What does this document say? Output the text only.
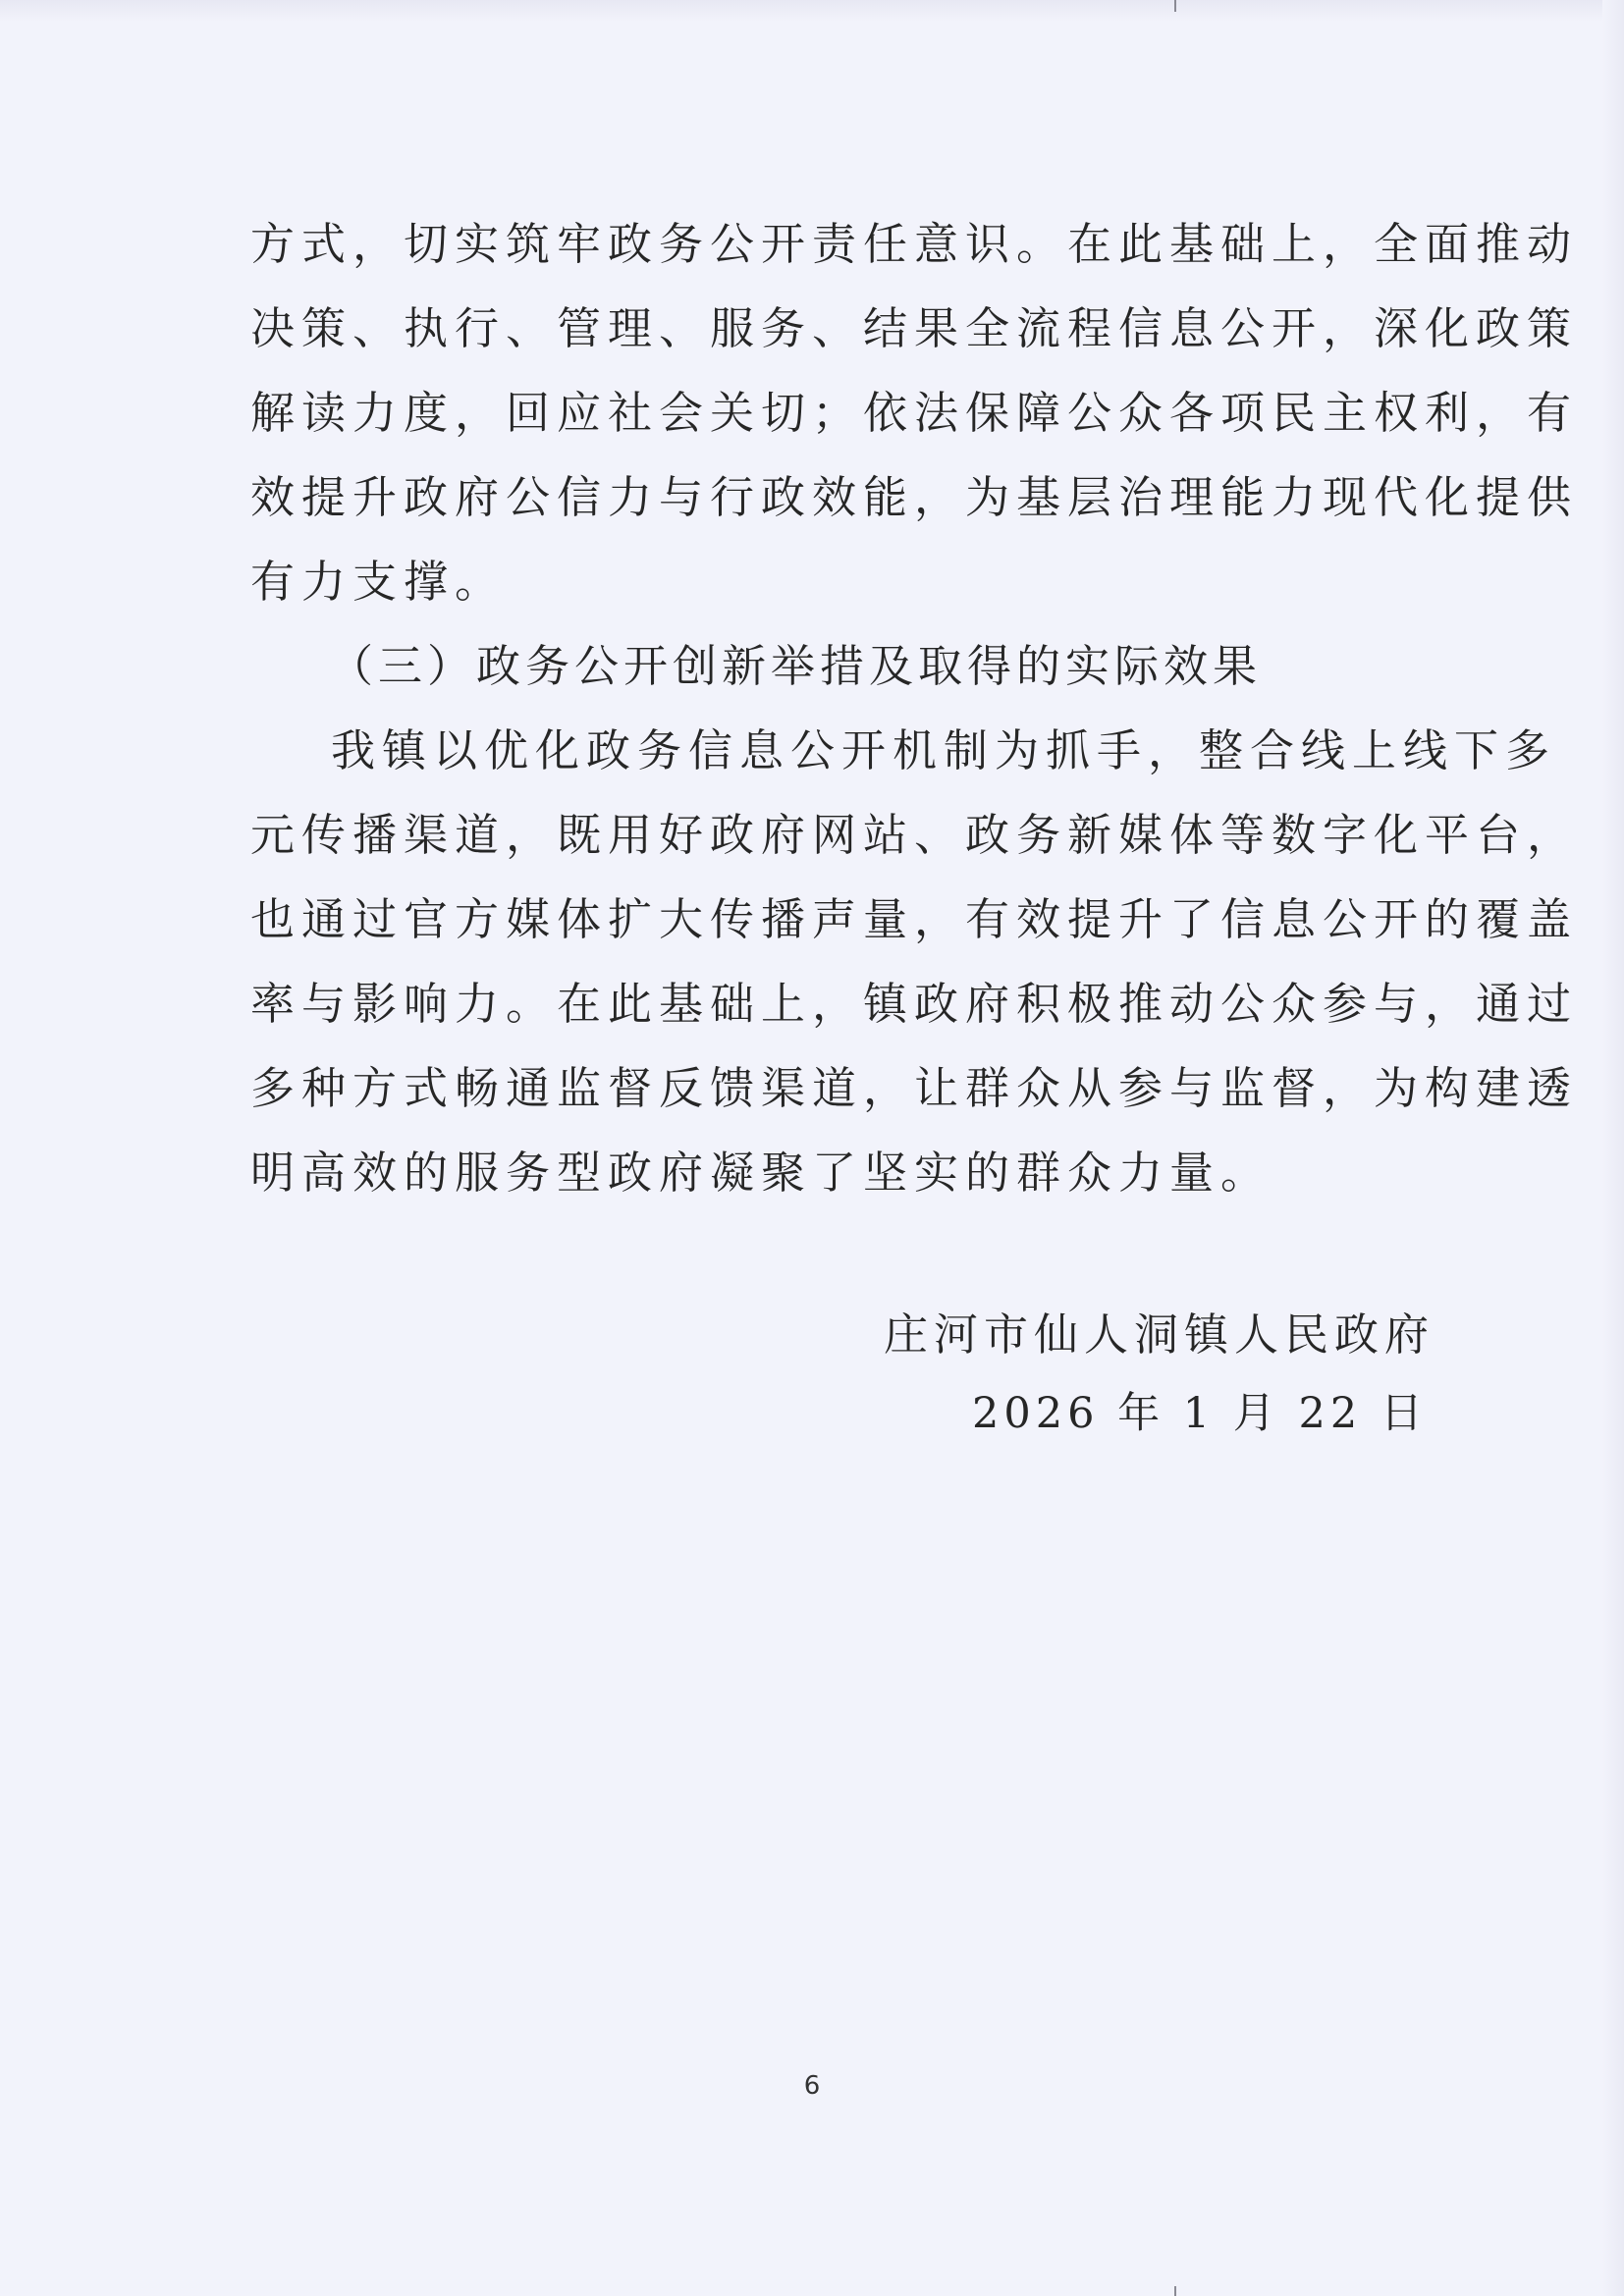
方式，切实筑牢政务公开责任意识。在此基础上，全面推动
决策、执行、管理、服务、结果全流程信息公开，深化政策
解读力度，回应社会关切；依法保障公众各项民主权利，有
效提升政府公信力与行政效能，为基层治理能力现代化提供
有力支撑。
（三）政务公开创新举措及取得的实际效果
我镇以优化政务信息公开机制为抓手，整合线上线下多
元传播渠道，既用好政府网站、政务新媒体等数字化平台，
也通过官方媒体扩大传播声量，有效提升了信息公开的覆盖
率与影响力。在此基础上，镇政府积极推动公众参与，通过
多种方式畅通监督反馈渠道，让群众从参与监督，为构建透
明高效的服务型政府凝聚了坚实的群众力量。
庄河市仙人洞镇人民政府
2026 年 1 月 22 日
6
